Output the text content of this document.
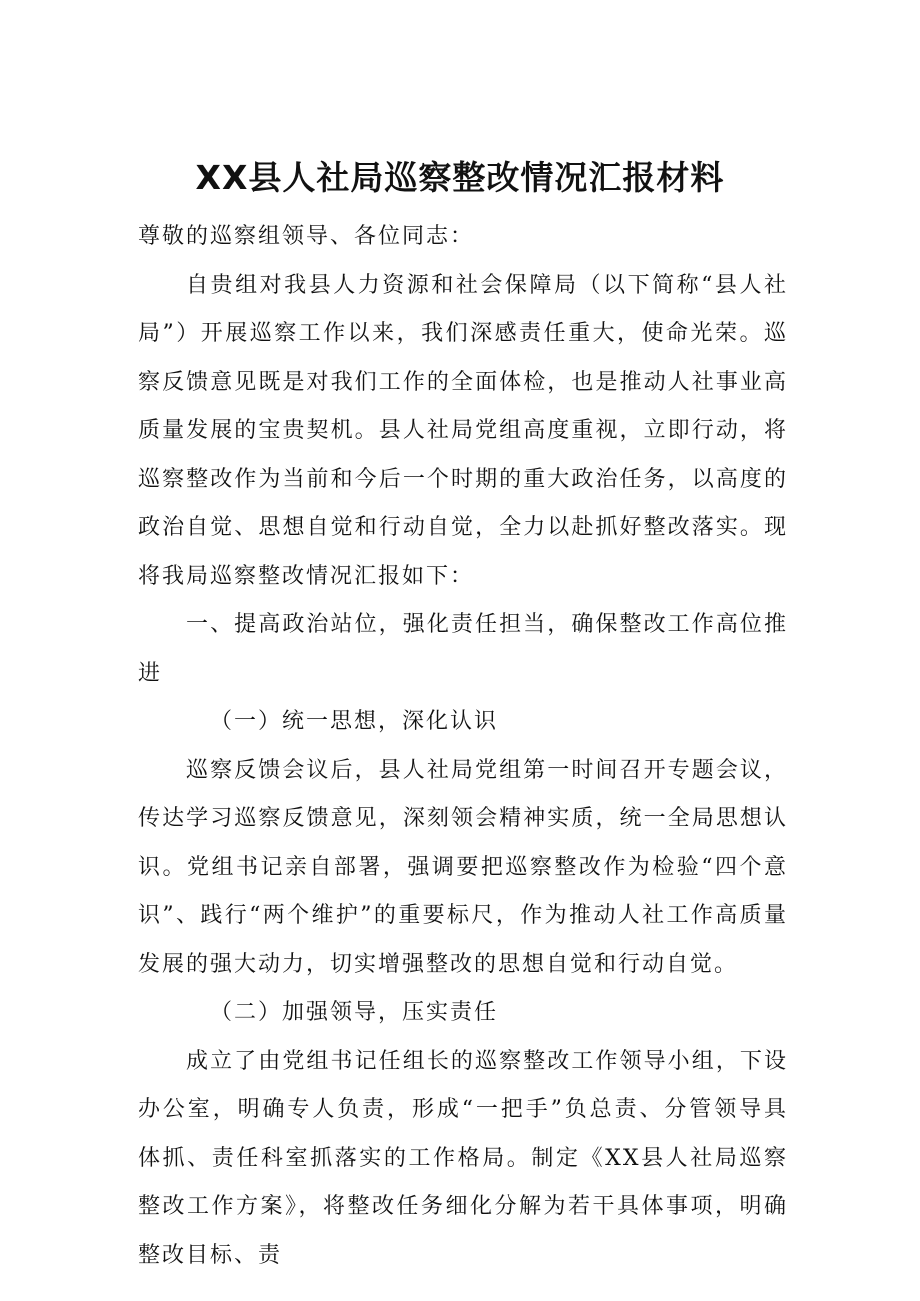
XX县人社局巡察整改情况汇报材料

尊敬的巡察组领导、各位同志：

自贵组对我县人力资源和社会保障局（以下简称“县人社局”）开展巡察工作以来，我们深感责任重大，使命光荣。巡察反馈意见既是对我们工作的全面体检，也是推动人社事业高质量发展的宝贵契机。县人社局党组高度重视，立即行动，将巡察整改作为当前和今后一个时期的重大政治任务，以高度的政治自觉、思想自觉和行动自觉，全力以赴抓好整改落实。现将我局巡察整改情况汇报如下：

一、提高政治站位，强化责任担当，确保整改工作高位推进

（一）统一思想，深化认识

巡察反馈会议后，县人社局党组第一时间召开专题会议，传达学习巡察反馈意见，深刻领会精神实质，统一全局思想认识。党组书记亲自部署，强调要把巡察整改作为检验“四个意识”、践行“两个维护”的重要标尺，作为推动人社工作高质量发展的强大动力，切实增强整改的思想自觉和行动自觉。

（二）加强领导，压实责任

成立了由党组书记任组长的巡察整改工作领导小组，下设办公室，明确专人负责，形成“一把手”负总责、分管领导具体抓、责任科室抓落实的工作格局。制定《XX县人社局巡察整改工作方案》，将整改任务细化分解为若干具体事项，明确整改目标、责
